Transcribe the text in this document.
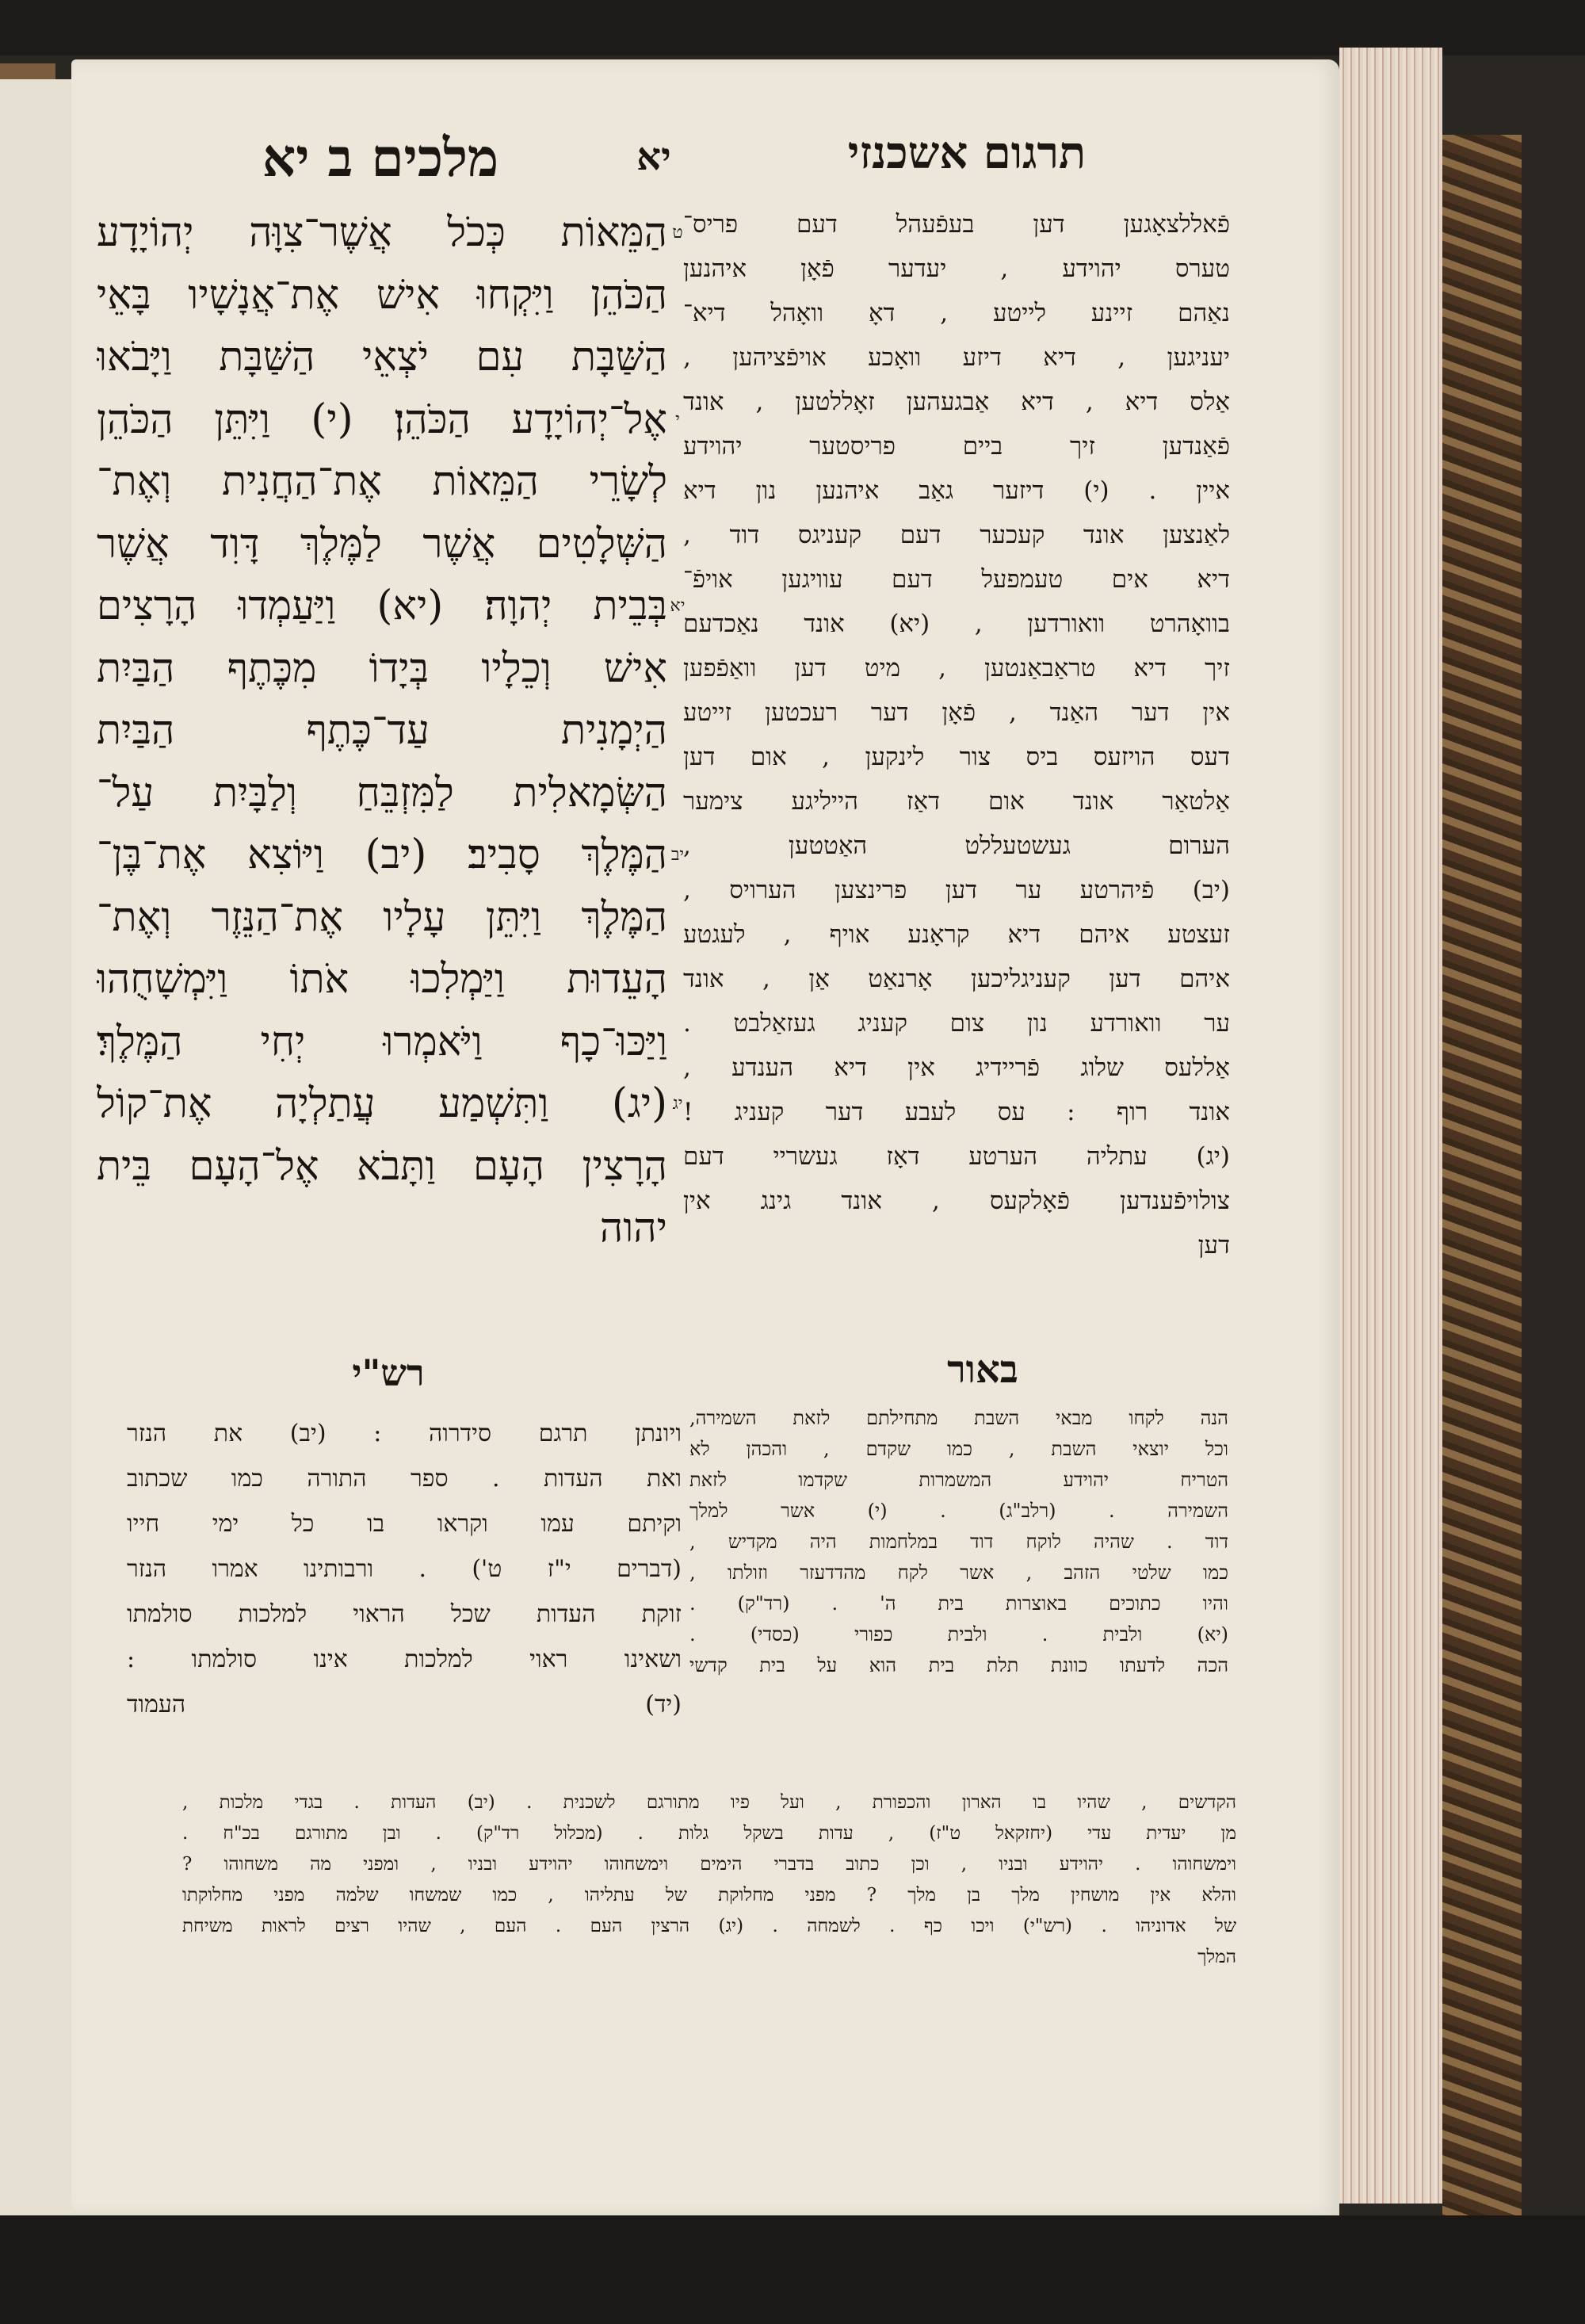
מלכים ב יא	יא	תרגום אשכנזי
הַמֵּאוֹת כְּכֹל אֲשֶׁר־צִוָּה יְהוֹיָדָע
הַכֹּהֵן וַיִּקְחוּ אִישׁ אֶת־אֲנָשָׁיו בָּאֵי
הַשַּׁבָּת עִם יֹצְאֵי הַשַּׁבָּת וַיָּבֹאוּ
אֶל־יְהוֹיָדָע הַכֹּהֵן׃ (י) וַיִּתֵּן הַכֹּהֵן
לְשָׂרֵי הַמֵּאוֹת אֶת־הַחֲנִית וְאֶת־
הַשְּׁלָטִים אֲשֶׁר לַמֶּלֶךְ דָּוִד אֲשֶׁר
בְּבֵית יְהוָה׃ (יא) וַיַּעַמְדוּ הָרָצִים
אִישׁ וְכֵלָיו בְּיָדוֹ מִכֶּתֶף הַבַּיִת
הַיְמָנִית עַד־כֶּתֶף הַבַּיִת
הַשְּׂמָאלִית לַמִּזְבֵּחַ וְלַבָּיִת עַל־
הַמֶּלֶךְ סָבִיב׃ (יב) וַיּוֹצִא אֶת־בֶּן־
הַמֶּלֶךְ וַיִּתֵּן עָלָיו אֶת־הַנֵּזֶר וְאֶת־
הָעֵדוּת וַיַּמְלִכוּ אֹתוֹ וַיִּמְשָׁחֻהוּ
וַיַּכּוּ־כָף וַיֹּאמְרוּ יְחִי הַמֶּלֶךְ׃
(יג) וַתִּשְׁמַע עֲתַלְיָה אֶת־קוֹל
הָרָצִין הָעָם וַתָּבֹא אֶל־הָעָם בֵּית
יהוה
ט
י
יא
יב
יג
פֿאללצאָגען דען בעפֿעהל דעם פריס־
טערס יהוידע , יעדער פֿאָן איהנען
נאַהם זיינע לייטע , דאָ וואָהל דיא־
יעניגען , דיא דיזע וואָכע אויפֿציהען ,
אַלס דיא , דיא אַבגעהען זאָללטען , אונד
פֿאַנדען זיך ביים פריסטער יהוידע
איין . (י) דיזער גאַב איהנען נון דיא
לאַנצען אונד קעכער דעם קעניגס דוד ,
דיא אים טעמפעל דעם עוויגען אויפֿ־
בוואָהרט וואורדען , (יא) אונד נאַכדעם
זיך דיא טראַבאַנטען , מיט דען וואַפֿפען
אין דער האַנד , פֿאָן דער רעכטען זייטע
דעס הויזעס ביס צור לינקען , אום דען
אַלטאַר אונד אום דאַז הייליגע צימער
הערום געשטעללט האַטטען ,
(יב) פֿיהרטע ער דען פרינצען הערויס ,
זעצטע איהם דיא קראָנע אויף , לעגטע
איהם דען קעניגליכען אָרנאַט אַן , אונד
ער וואורדע נון צום קעניג געזאַלבט .
אַללעס שלוג פֿריידיג אין דיא הענדע ,
אונד רוף : עס לעבע דער קעניג !
(יג) עתליה הערטע דאָז געשריי דעם
צולויפֿענדען פֿאָלקעס , אונד גינג אין
דען
באור
הנה לקחו מבאי השבת מתחילתם לזאת השמירה,
וכל יוצאי השבת , כמו שקדם , והכהן לא
הטריח יהוידע המשמרות שקדמו לזאת
השמירה . (רלב"ג) . (י) אשר למלך
דוד . שהיה לוקח דוד במלחמות היה מקדיש ,
כמו שלטי הזהב , אשר לקח מהדדעזר וזולתו ,
והיו כתוכים באוצרות בית ה' . (רד"ק) .
(יא) ולבית . ולבית כפורי (כסדי) .
הכה לדעתו כוונת תלת בית הוא על בית קדשי
רש"י
ויונתן תרגם סידרוה : (יב) את הנזר
ואת העדות . ספר התורה כמו שכתוב
וקיתם עמו וקראו בו כל ימי חייו
(דברים י"ז ט') . ורבותינו אמרו הנזר
זוקת העדות שכל הראוי למלכות סולמתו
ושאינו ראוי למלכות אינו סולמתו :
(יד) העמוד
הקדשים , שהיו בו הארון והכפורת , ועל פיו מתורגם לשכנית . (יב) העדות . בגדי מלכות ,
מן יעדית עדי (יחזקאל ט"ז) , עדות בשקל גלות . (מכלול רד"ק) . ובן מתורגם בכ"ח .
וימשחוהו . יהוידע ובניו , וכן כתוב בדברי הימים וימשחוהו יהוידע ובניו , ומפני מה משחוהו ?
והלא אין מושחין מלך בן מלך ? מפני מחלוקת של עתליהו , כמו שמשחו שלמה מפני מחלוקתו
של אדוניהו . (רש"י) ויכו כף . לשמחה . (יג) הרצין העם . העם , שהיו רצים לראות משיחת
המלך
